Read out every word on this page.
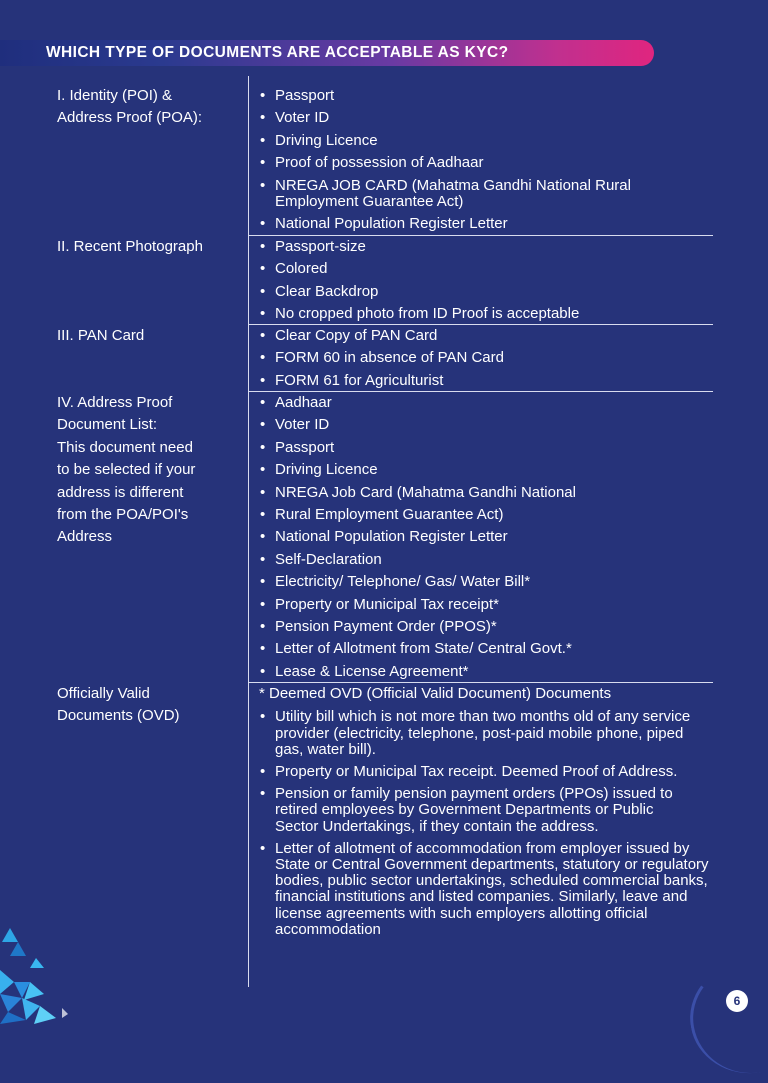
WHICH TYPE OF DOCUMENTS ARE ACCEPTABLE AS KYC?
I. Identity (POI) &
Address Proof (POA):
• Passport
• Voter ID
• Driving Licence
• Proof of possession of Aadhaar
• NREGA JOB CARD (Mahatma Gandhi National Rural Employment Guarantee Act)
• National Population Register Letter
II. Recent Photograph	• Passport-size
• Colored
• Clear Backdrop
• No cropped photo from ID Proof is acceptable
III. PAN Card	• Clear Copy of PAN Card
• FORM 60 in absence of PAN Card
• FORM 61 for Agriculturist
IV. Address Proof
Document List:
This document need
to be selected if your
address is different
from the POA/POI's
Address
• Aadhaar
• Voter ID
• Passport
• Driving Licence
• NREGA Job Card (Mahatma Gandhi National
• Rural Employment Guarantee Act)
• National Population Register Letter
• Self-Declaration
• Electricity/ Telephone/ Gas/ Water Bill*
• Property or Municipal Tax receipt*
• Pension Payment Order (PPOS)*
• Letter of Allotment from State/ Central Govt.*
• Lease & License Agreement*
Officially Valid
Documents (OVD)
* Deemed OVD (Official Valid Document) Documents
• Utility bill which is not more than two months old of any service provider (electricity, telephone, post-paid mobile phone, piped gas, water bill).
• Property or Municipal Tax receipt. Deemed Proof of Address.
• Pension or family pension payment orders (PPOs) issued to retired employees by Government Departments or Public Sector Undertakings, if they contain the address.
• Letter of allotment of accommodation from employer issued by State or Central Government departments, statutory or regulatory bodies, public sector undertakings, scheduled commercial banks, financial institutions and listed companies. Similarly, leave and license agreements with such employers allotting official accommodation
6
